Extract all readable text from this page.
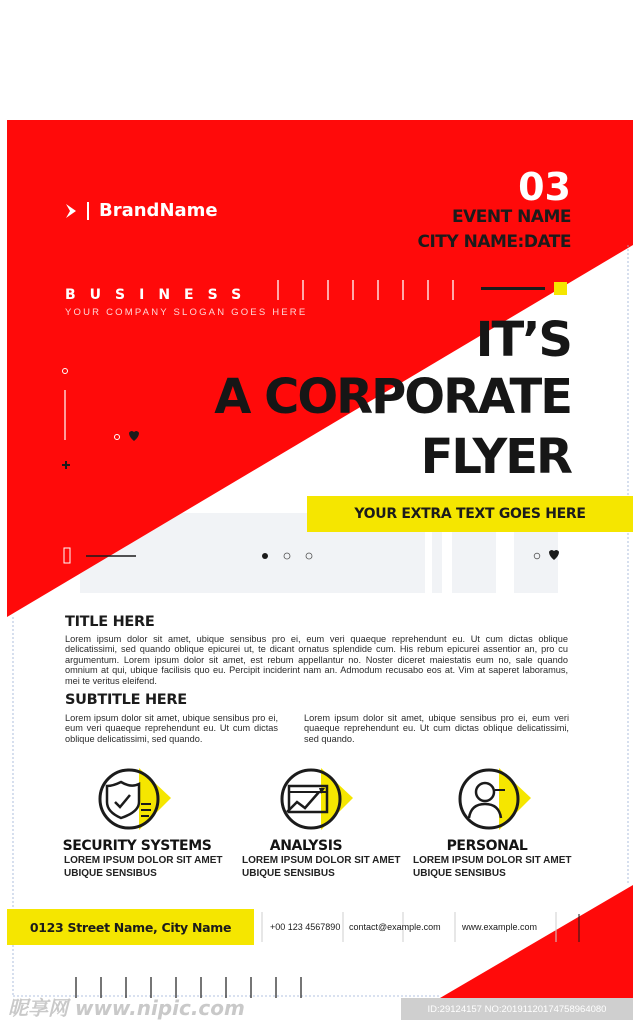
BrandName
03
EVENT NAME
CITY NAME:DATE
BUSINESS
YOUR COMPANY SLOGAN GOES HERE	IT’S
A CORPORATE
FLYER
YOUR EXTRA TEXT GOES HERE
TITLE HERE

Lorem ipsum dolor sit amet, ubique sensibus pro ei, eum veri quaeque reprehendunt eu. Ut cum dictas oblique delicatissimi, sed quando oblique epicurei ut, te dicant ornatus splendide cum. His rebum epicurei assentior an, pro cu argumentum. Lorem ipsum dolor sit amet, est rebum appellantur no. Noster diceret maiestatis eum no, sale quando omnium at qui, ubique facilisis quo eu. Percipit inciderint nam an. Admodum recusabo eos at. Vim at saperet laboramus, mei te veritus eleifend.

SUBTITLE HERE

Lorem ipsum dolor sit amet, ubique sensibus pro ei, eum veri quaeque reprehendunt eu. Ut cum dictas oblique delicatissimi, sed quando.

Lorem ipsum dolor sit amet, ubique sensibus pro ei, eum veri quaeque reprehendunt eu. Ut cum dictas oblique delicatissimi, sed quando.

SECURITY SYSTEMS
LOREM IPSUM DOLOR SIT AMET
UBIQUE SENSIBUS
ANALYSIS
LOREM IPSUM DOLOR SIT AMET
UBIQUE SENSIBUS
PERSONAL
LOREM IPSUM DOLOR SIT AMET
UBIQUE SENSIBUS
0123 Street Name, City Name	+00 123 4567890 contact@example.com www.example.com
昵享网 www.nipic.com	ID:29124157 NO:20191120174758964080
